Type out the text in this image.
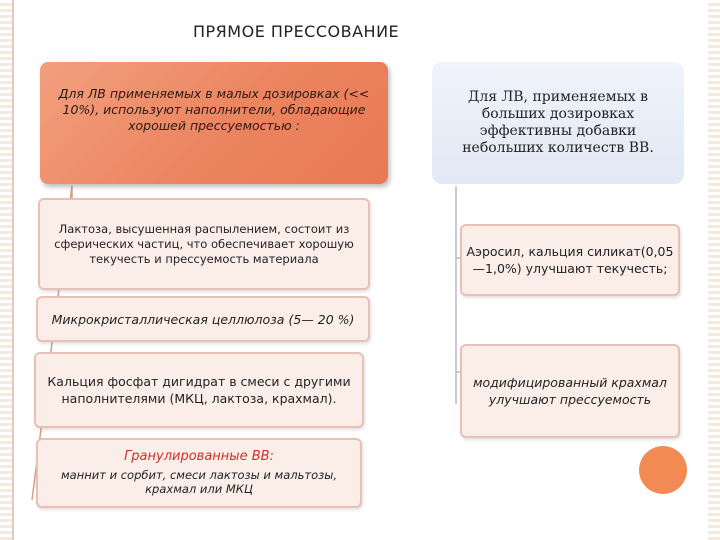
ПРЯМОЕ ПРЕССОВАНИЕ
Для ЛВ применяемых в малых дозировках (<< 10%), используют наполнители, обладающие хорошей прессуемостью :
Для ЛВ, применяемых в больших дозировках эффективны добавки небольших количеств ВВ.
Лактоза, высушенная распылением, состоит из сферических частиц, что обеспечивает хорошую текучесть и прессуемость материала
Микрокристаллическая целлюлоза (5— 20 %)
Кальция фосфат дигидрат в смеси с другими наполнителями (МКЦ, лактоза, крахмал).
Гранулированные ВВ:
маннит и сорбит, смеси лактозы и мальтозы, крахмал или МКЦ
Аэросил, кальция силикат(0,05—1,0%) улучшают текучесть;
модифицированный крахмал улучшают прессуемость
